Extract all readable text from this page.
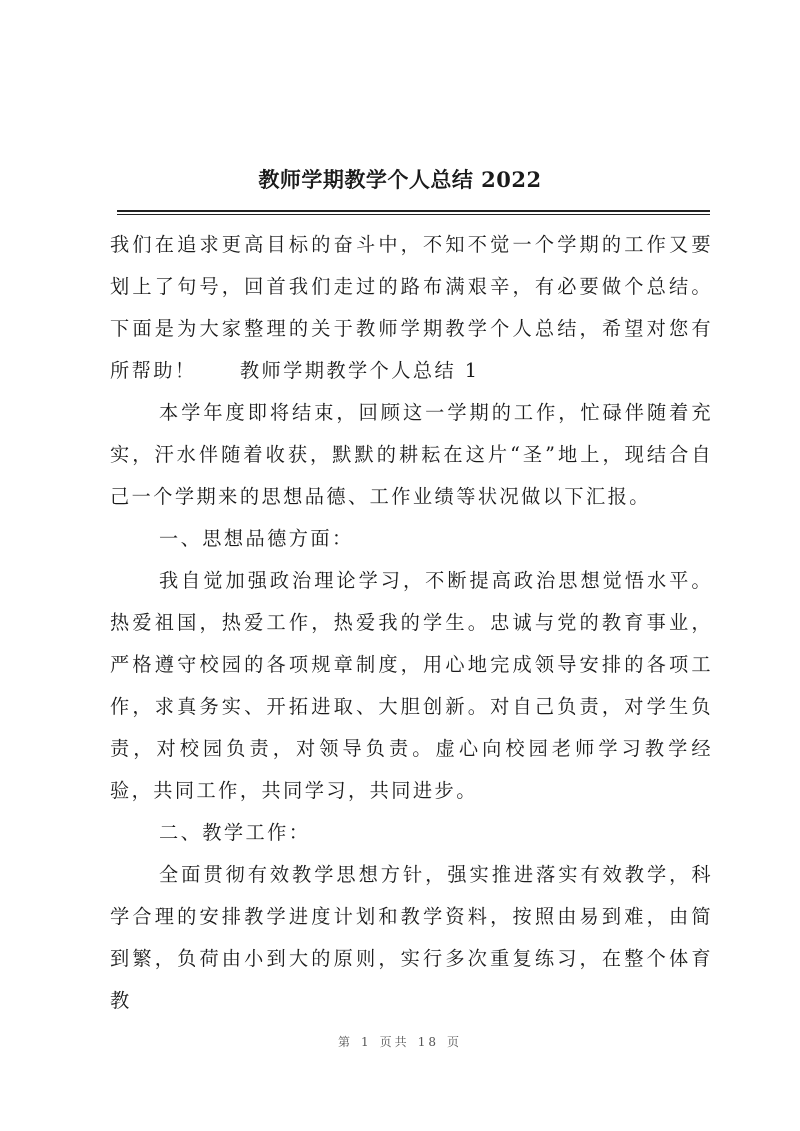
教师学期教学个人总结 2022

我们在追求更高目标的奋斗中，不知不觉一个学期的工作又要划上了句号，回首我们走过的路布满艰辛，有必要做个总结。下面是为大家整理的关于教师学期教学个人总结，希望对您有所帮助！　　教师学期教学个人总结 1

本学年度即将结束，回顾这一学期的工作，忙碌伴随着充实，汗水伴随着收获，默默的耕耘在这片“圣”地上，现结合自己一个学期来的思想品德、工作业绩等状况做以下汇报。

一、思想品德方面：

我自觉加强政治理论学习，不断提高政治思想觉悟水平。热爱祖国，热爱工作，热爱我的学生。忠诚与党的教育事业，严格遵守校园的各项规章制度，用心地完成领导安排的各项工作，求真务实、开拓进取、大胆创新。对自己负责，对学生负责，对校园负责，对领导负责。虚心向校园老师学习教学经验，共同工作，共同学习，共同进步。

二、教学工作：

全面贯彻有效教学思想方针，强实推进落实有效教学，科学合理的安排教学进度计划和教学资料，按照由易到难，由简到繁，负荷由小到大的原则，实行多次重复练习，在整个体育教

第 1 页共 18 页
